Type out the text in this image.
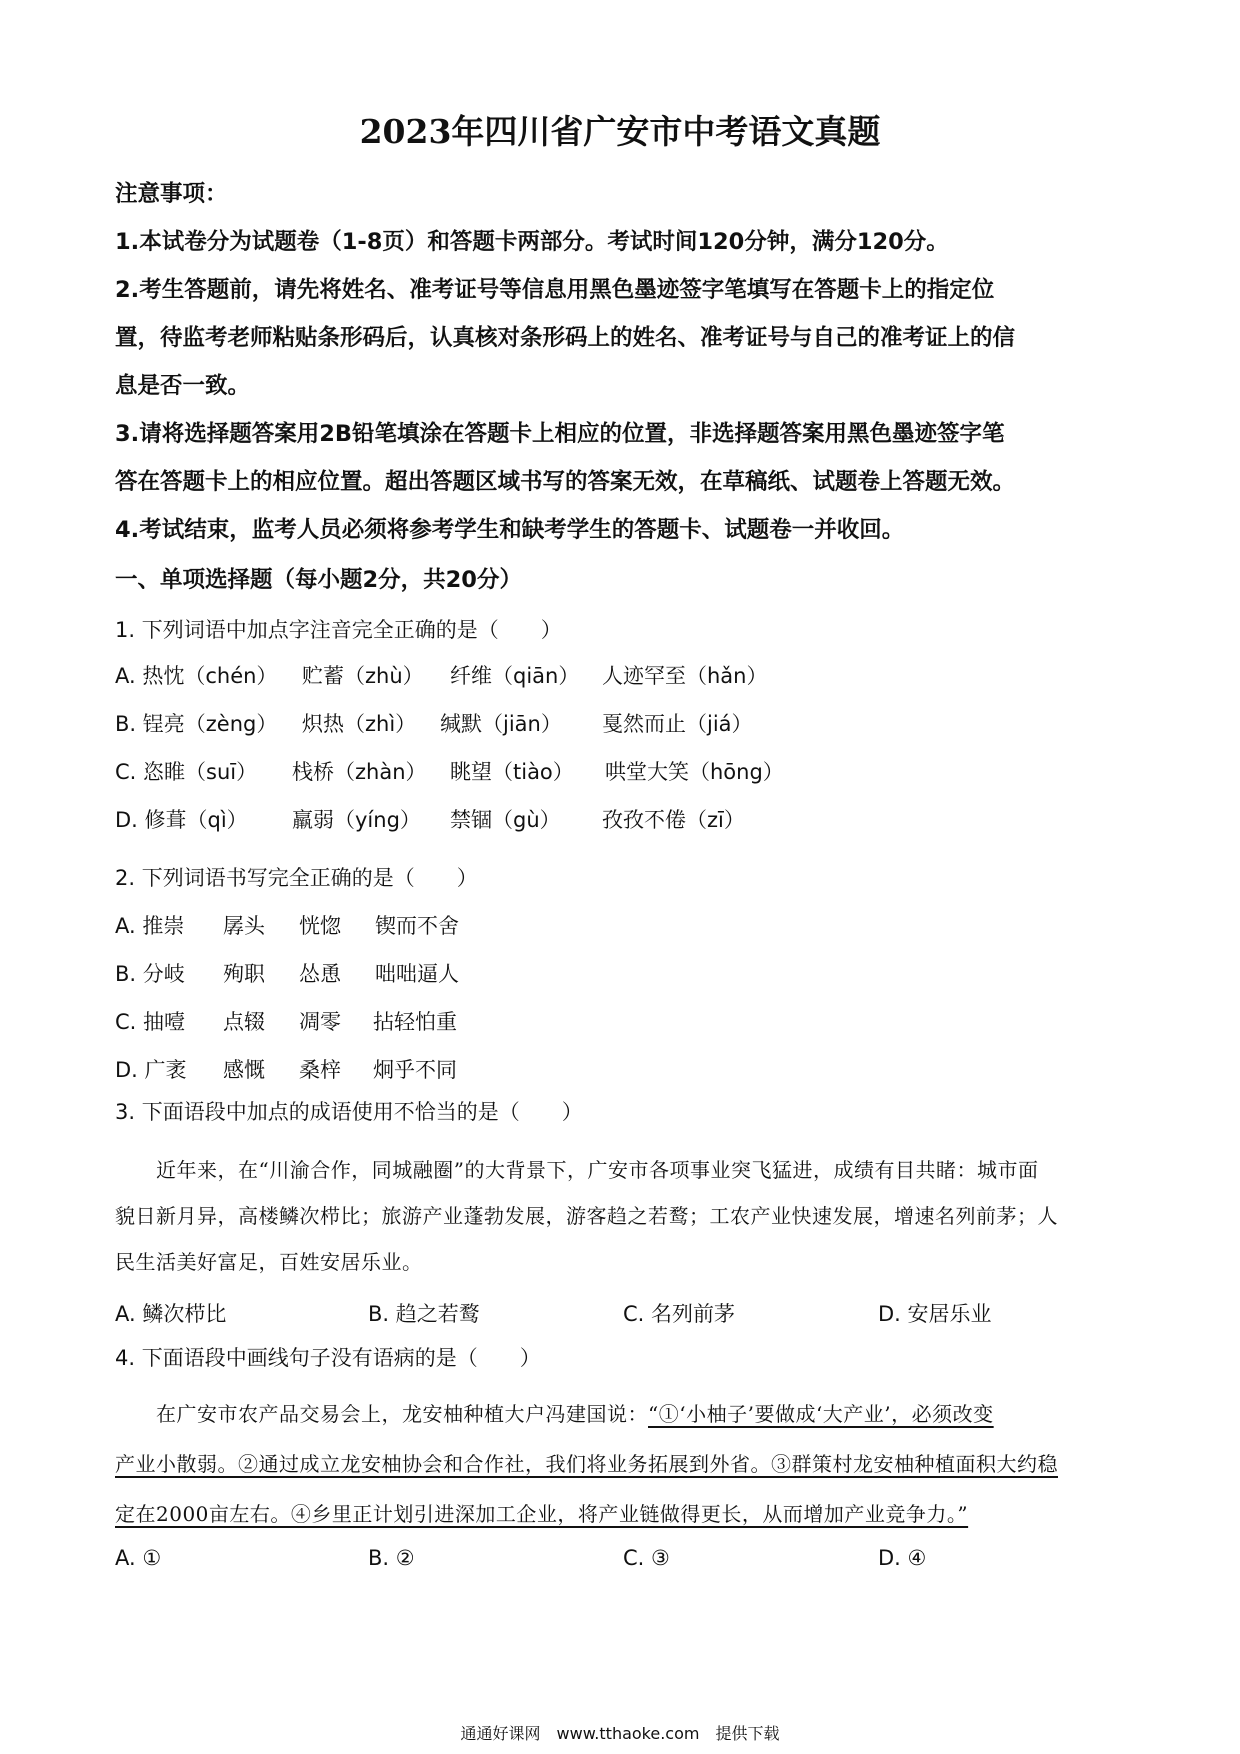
2023年四川省广安市中考语文真题
注意事项：
1.本试卷分为试题卷（1-8页）和答题卡两部分。考试时间120分钟，满分120分。
2.考生答题前，请先将姓名、准考证号等信息用黑色墨迹签字笔填写在答题卡上的指定位
置，待监考老师粘贴条形码后，认真核对条形码上的姓名、准考证号与自己的准考证上的信
息是否一致。
3.请将选择题答案用2B铅笔填涂在答题卡上相应的位置，非选择题答案用黑色墨迹签字笔
答在答题卡上的相应位置。超出答题区域书写的答案无效，在草稿纸、试题卷上答题无效。
4.考试结束，监考人员必须将参考学生和缺考学生的答题卡、试题卷一并收回。
一、单项选择题（每小题2分，共20分）
1. 下列词语中加点字注音完全正确的是（　　）
A. 热忱（chén） 贮蓄（zhù） 纤维（qiān） 人迹罕至（hǎn）
B. 锃亮（zèng） 炽热（zhì） 缄默（jiān） 戛然而止（jiá）
C. 恣睢（suī） 栈桥（zhàn） 眺望（tiào） 哄堂大笑（hōng）
D. 修葺（qì） 羸弱（yíng） 禁锢（gù） 孜孜不倦（zī）
2. 下列词语书写完全正确的是（　　）
A. 推崇 孱头 恍惚 锲而不舍
B. 分岐 殉职 怂恿 咄咄逼人
C. 抽噎 点辍 凋零 拈轻怕重
D. 广袤 感慨 桑梓 炯乎不同
3. 下面语段中加点的成语使用不恰当的是（　　）
　　近年来，在“川渝合作，同城融圈”的大背景下，广安市各项事业突飞猛进，成绩有目共睹：城市面
貌日新月异，高楼鳞次栉比；旅游产业蓬勃发展，游客趋之若鹜；工农产业快速发展，增速名列前茅；人
民生活美好富足，百姓安居乐业。
A. 鳞次栉比	B. 趋之若鹜	C. 名列前茅	D. 安居乐业
4. 下面语段中画线句子没有语病的是（　　）
　　在广安市农产品交易会上，龙安柚种植大户冯建国说：“①‘小柚子’要做成‘大产业’，必须改变
产业小散弱。②通过成立龙安柚协会和合作社，我们将业务拓展到外省。③群策村龙安柚种植面积大约稳
定在2000亩左右。④乡里正计划引进深加工企业，将产业链做得更长，从而增加产业竞争力。”
A. ①	B. ②	C. ③	D. ④
通通好课网　www.tthaoke.com　提供下载
